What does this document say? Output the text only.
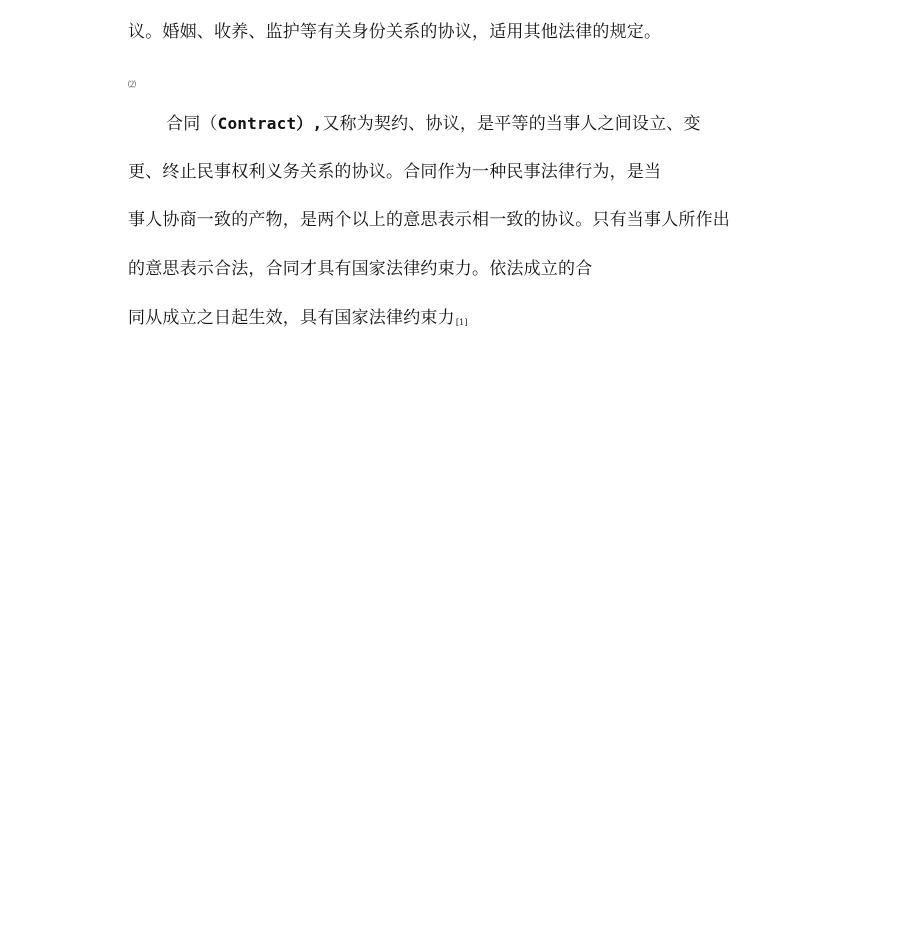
议。婚姻、收养、监护等有关身份关系的协议，适用其他法律的规定。
⑵
合同（Contract）,又称为契约、协议，是平等的当事人之间设立、变
更、终止民事权利义务关系的协议。合同作为一种民事法律行为，是当
事人协商一致的产物，是两个以上的意思表示相一致的协议。只有当事人所作出
的意思表示合法，合同才具有国家法律约束力。依法成立的合
同从成立之日起生效，具有国家法律约束力[1]
